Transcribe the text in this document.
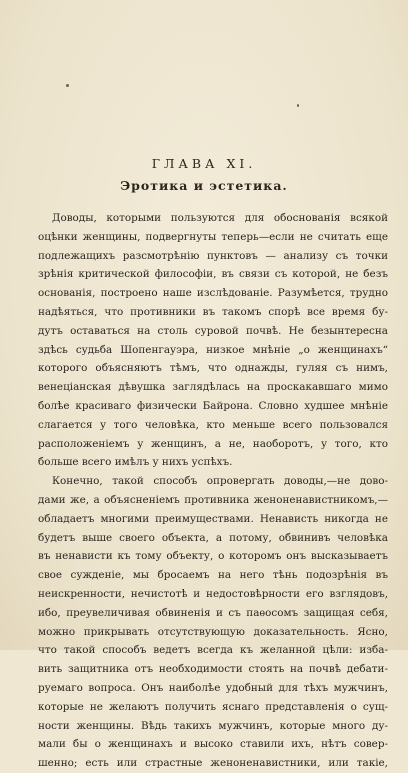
ГЛАВА XI.
Эротика и эстетика.
Доводы, которыми пользуются для обоснованія всякой
оцѣнки женщины, подвергнуты теперь—если не считать еще
подлежащихъ разсмотрѣнію пунктовъ — анализу съ точки
зрѣнія критической философіи, въ связи съ которой, не безъ
основанія, построено наше изслѣдованіе. Разумѣется, трудно
надѣяться, что противники въ такомъ спорѣ все время бу-
дутъ оставаться на столь суровой почвѣ. Не безынтересна
здѣсь судьба Шопенгауэра, низкое мнѣніе „о женщинахъ“
которого объясняютъ тѣмъ, что однажды, гуляя съ нимъ,
венеціанская дѣвушка заглядѣлась на проскакавшаго мимо
болѣе красиваго физически Байрона. Словно худшее мнѣніе
слагается у того человѣка, кто меньше всего пользовался
расположеніемъ у женщинъ, а не, наоборотъ, у того, кто
больше всего имѣлъ у нихъ успѣхъ.
Конечно, такой способъ опровергать доводы,—не дово-
дами же, а объясненіемъ противника женоненавистникомъ,—
обладаетъ многими преимуществами. Ненависть никогда не
будетъ выше своего объекта, а потому, обвинивъ человѣка
въ ненависти къ тому объекту, о которомъ онъ высказываетъ
свое сужденіе, мы бросаемъ на него тѣнь подозрѣнія въ
неискренности, нечистотѣ и недостовѣрности его взглядовъ,
ибо, преувеличивая обвиненія и съ паѳосомъ защищая себя,
можно прикрывать отсутствующую доказательность. Ясно,
что такой способъ ведетъ всегда къ желанной цѣли: изба-
вить защитника отъ необходимости стоять на почвѣ дебати-
руемаго вопроса. Онъ наиболѣе удобный для тѣхъ мужчинъ,
которые не желаютъ получить яснаго представленія о сущ-
ности женщины. Вѣдь такихъ мужчинъ, которые много ду-
мали бы о женщинахъ и высоко ставили ихъ, нѣтъ совер-
шенно; есть или страстные женоненавистники, или такіе,
